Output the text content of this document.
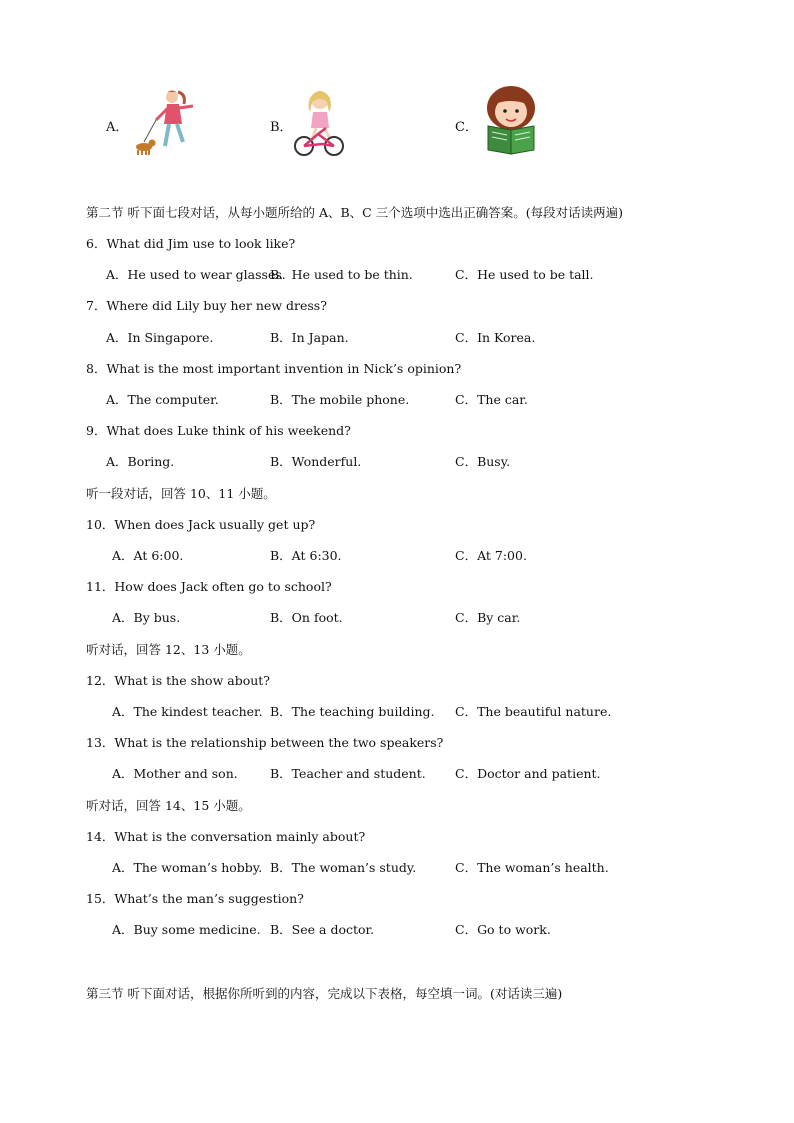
A．	B．	C．
第二节 听下面七段对话，从每小题所给的 A、B、C 三个选项中选出正确答案。(每段对话读两遍)
6．What did Jim use to look like?
A．He used to wear glasses.
B．He used to be thin.	C．He used to be tall.
7．Where did Lily buy her new dress?
A．In Singapore.	B．In Japan.	C．In Korea.
8．What is the most important invention in Nick’s opinion?
A．The computer.	B．The mobile phone.	C．The car.
9．What does Luke think of his weekend?
A．Boring.	B．Wonderful.	C．Busy.
听一段对话，回答 10、11 小题。
10．When does Jack usually get up?
A．At 6:00.	B．At 6:30.	C．At 7:00.
11．How does Jack often go to school?
A．By bus.	B．On foot.	C．By car.
听对话，回答 12、13 小题。
12．What is the show about?
A．The kindest teacher. B．The teaching building. C．The beautiful nature.
13．What is the relationship between the two speakers?
A．Mother and son.	B．Teacher and student. C．Doctor and patient.
听对话，回答 14、15 小题。
14．What is the conversation mainly about?
A．The woman’s hobby. B．The woman’s study.	C．The woman’s health.
15．What’s the man’s suggestion?
A．Buy some medicine. B．See a doctor.	C．Go to work.
第三节 听下面对话，根据你所听到的内容，完成以下表格，每空填一词。(对话读三遍)
